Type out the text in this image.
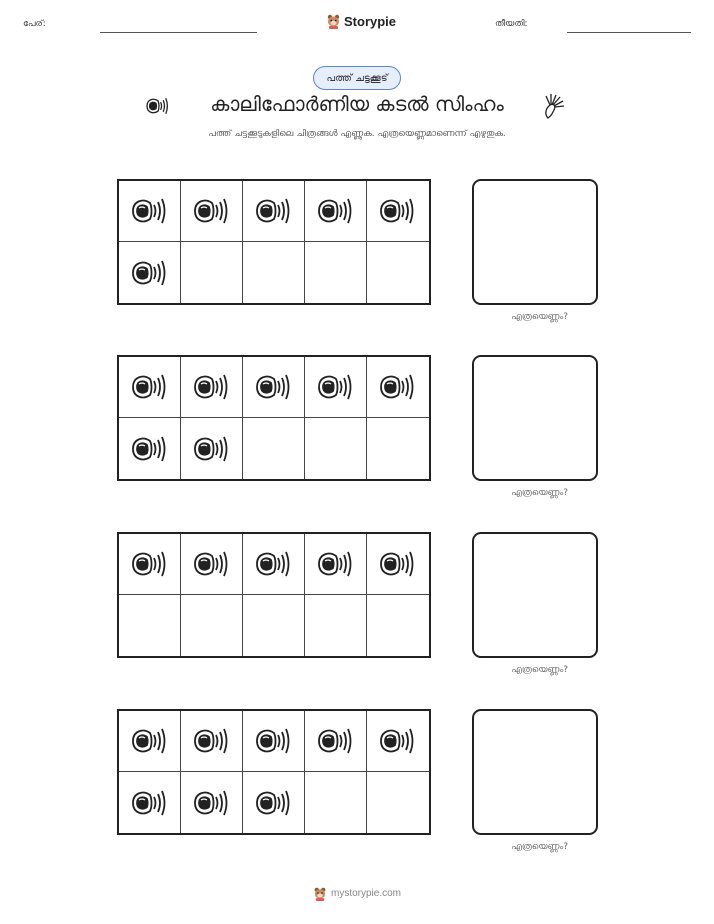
പേര്:	Storypie	തീയതി:
പത്ത് ചട്ടക്കൂട്
കാലിഫോർണിയ കടൽ സിംഹം
പത്ത് ചട്ടക്കൂടുകളിലെ ചിത്രങ്ങൾ എണ്ണുക. എത്രയെണ്ണമാണെന്ന് എഴുതുക.
എത്രയെണ്ണം?
എത്രയെണ്ണം?
എത്രയെണ്ണം?
എത്രയെണ്ണം?
mystorypie.com
